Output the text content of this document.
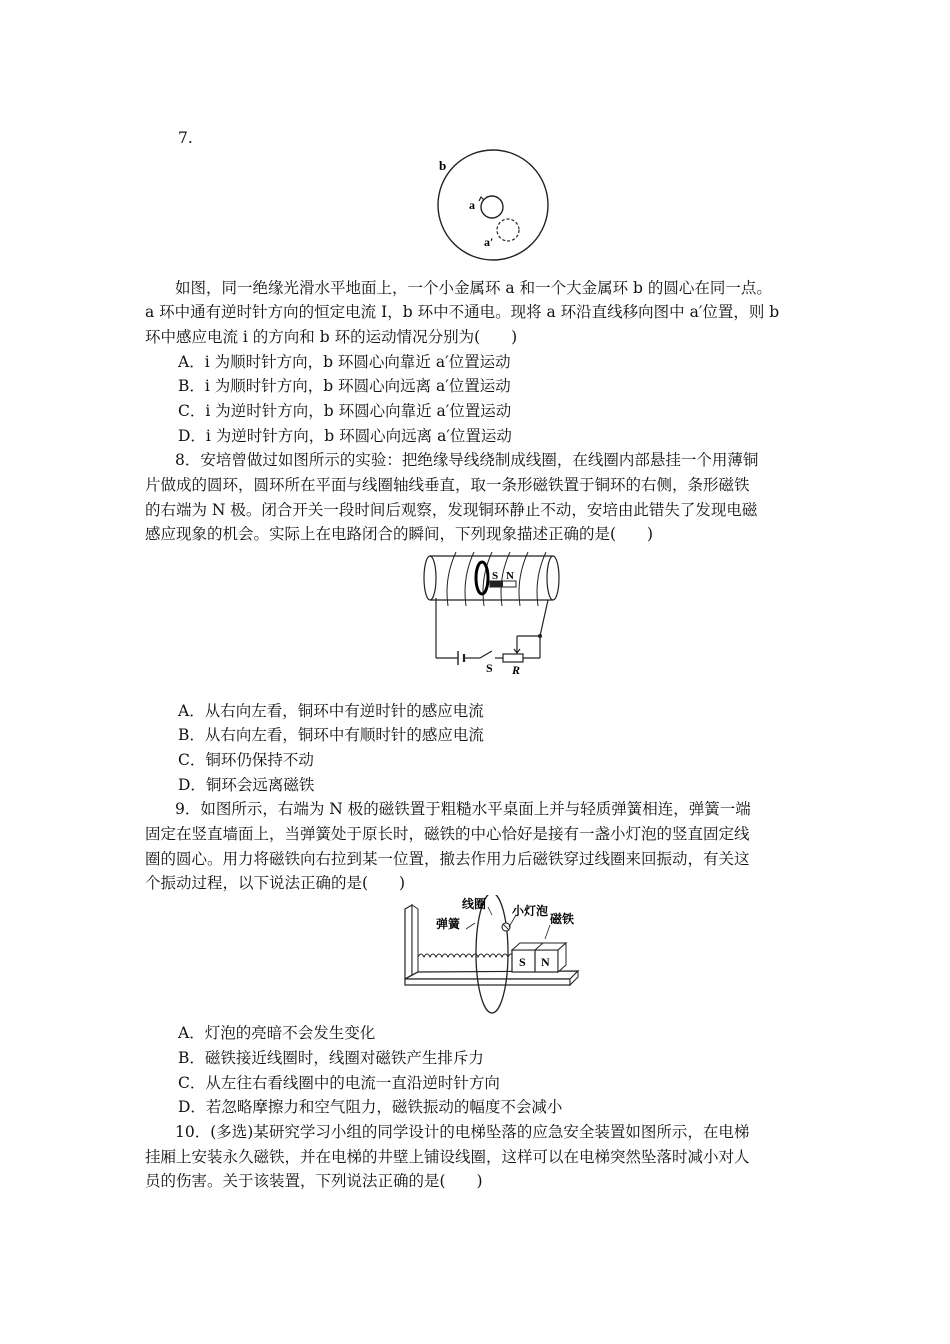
7.
b
a
a′
如图，同一绝缘光滑水平地面上，一个小金属环 a 和一个大金属环 b 的圆心在同一点。
a 环中通有逆时针方向的恒定电流 I，b 环中不通电。现将 a 环沿直线移向图中 a′位置，则 b
环中感应电流 i 的方向和 b 环的运动情况分别为(　　)
A．i 为顺时针方向，b 环圆心向靠近 a′位置运动
B．i 为顺时针方向，b 环圆心向远离 a′位置运动
C．i 为逆时针方向，b 环圆心向靠近 a′位置运动
D．i 为逆时针方向，b 环圆心向远离 a′位置运动
8．安培曾做过如图所示的实验：把绝缘导线绕制成线圈，在线圈内部悬挂一个用薄铜
片做成的圆环，圆环所在平面与线圈轴线垂直，取一条形磁铁置于铜环的右侧，条形磁铁
的右端为 N 极。闭合开关一段时间后观察，发现铜环静止不动，安培由此错失了发现电磁
感应现象的机会。实际上在电路闭合的瞬间，下列现象描述正确的是(　　)
S N
S R
A．从右向左看，铜环中有逆时针的感应电流
B．从右向左看，铜环中有顺时针的感应电流
C．铜环仍保持不动
D．铜环会远离磁铁
9．如图所示，右端为 N 极的磁铁置于粗糙水平桌面上并与轻质弹簧相连，弹簧一端
固定在竖直墙面上，当弹簧处于原长时，磁铁的中心恰好是接有一盏小灯泡的竖直固定线
圈的圆心。用力将磁铁向右拉到某一位置，撤去作用力后磁铁穿过线圈来回振动，有关这
个振动过程，以下说法正确的是(　　)
S N
线圈
弹簧
小灯泡
磁铁
A．灯泡的亮暗不会发生变化
B．磁铁接近线圈时，线圈对磁铁产生排斥力
C．从左往右看线圈中的电流一直沿逆时针方向
D．若忽略摩擦力和空气阻力，磁铁振动的幅度不会减小
10．(多选)某研究学习小组的同学设计的电梯坠落的应急安全装置如图所示，在电梯
挂厢上安装永久磁铁，并在电梯的井壁上铺设线圈，这样可以在电梯突然坠落时减小对人
员的伤害。关于该装置，下列说法正确的是(　　)
